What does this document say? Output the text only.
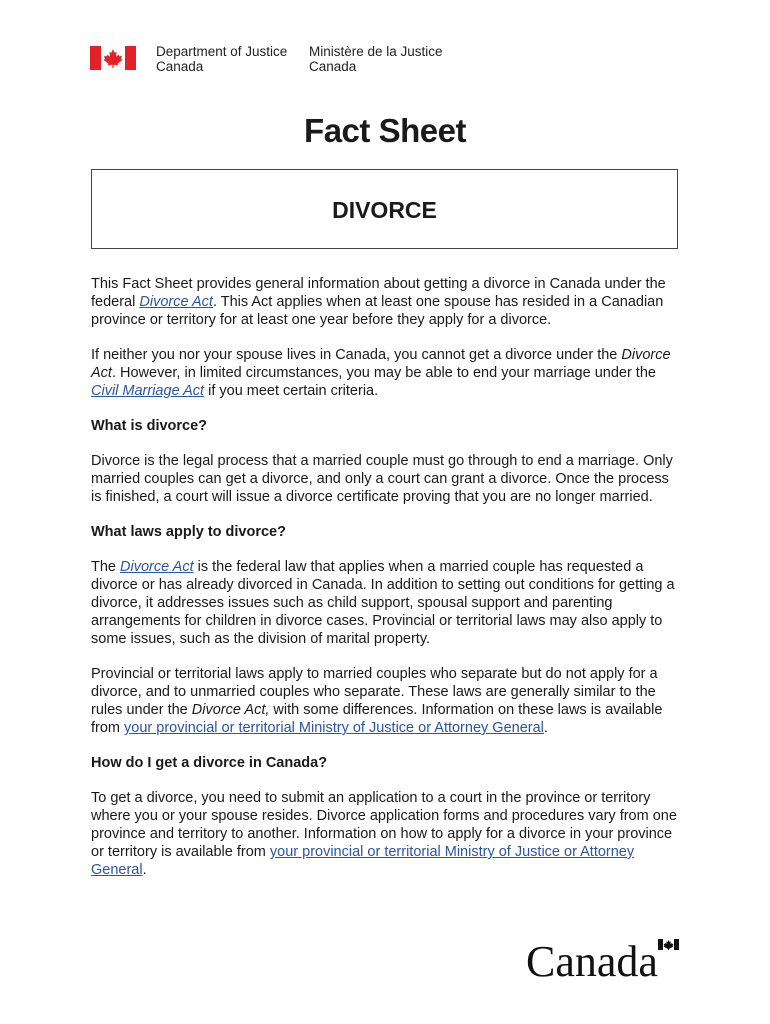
Department of Justice
Canada
Ministère de la Justice
Canada
Fact Sheet
DIVORCE

This Fact Sheet provides general information about getting a divorce in Canada under the federal Divorce Act. This Act applies when at least one spouse has resided in a Canadian province or territory for at least one year before they apply for a divorce.

If neither you nor your spouse lives in Canada, you cannot get a divorce under the Divorce Act. However, in limited circumstances, you may be able to end your marriage under the Civil Marriage Act if you meet certain criteria.

What is divorce?

Divorce is the legal process that a married couple must go through to end a marriage. Only married couples can get a divorce, and only a court can grant a divorce. Once the process is finished, a court will issue a divorce certificate proving that you are no longer married.

What laws apply to divorce?

The Divorce Act is the federal law that applies when a married couple has requested a divorce or has already divorced in Canada. In addition to setting out conditions for getting a divorce, it addresses issues such as child support, spousal support and parenting arrangements for children in divorce cases. Provincial or territorial laws may also apply to some issues, such as the division of marital property.

Provincial or territorial laws apply to married couples who separate but do not apply for a divorce, and to unmarried couples who separate. These laws are generally similar to the rules under the Divorce Act, with some differences. Information on these laws is available from your provincial or territorial Ministry of Justice or Attorney General.

How do I get a divorce in Canada?

To get a divorce, you need to submit an application to a court in the province or territory where you or your spouse resides. Divorce application forms and procedures vary from one province and territory to another. Information on how to apply for a divorce in your province or territory is available from your provincial or territorial Ministry of Justice or Attorney General.

Canada
